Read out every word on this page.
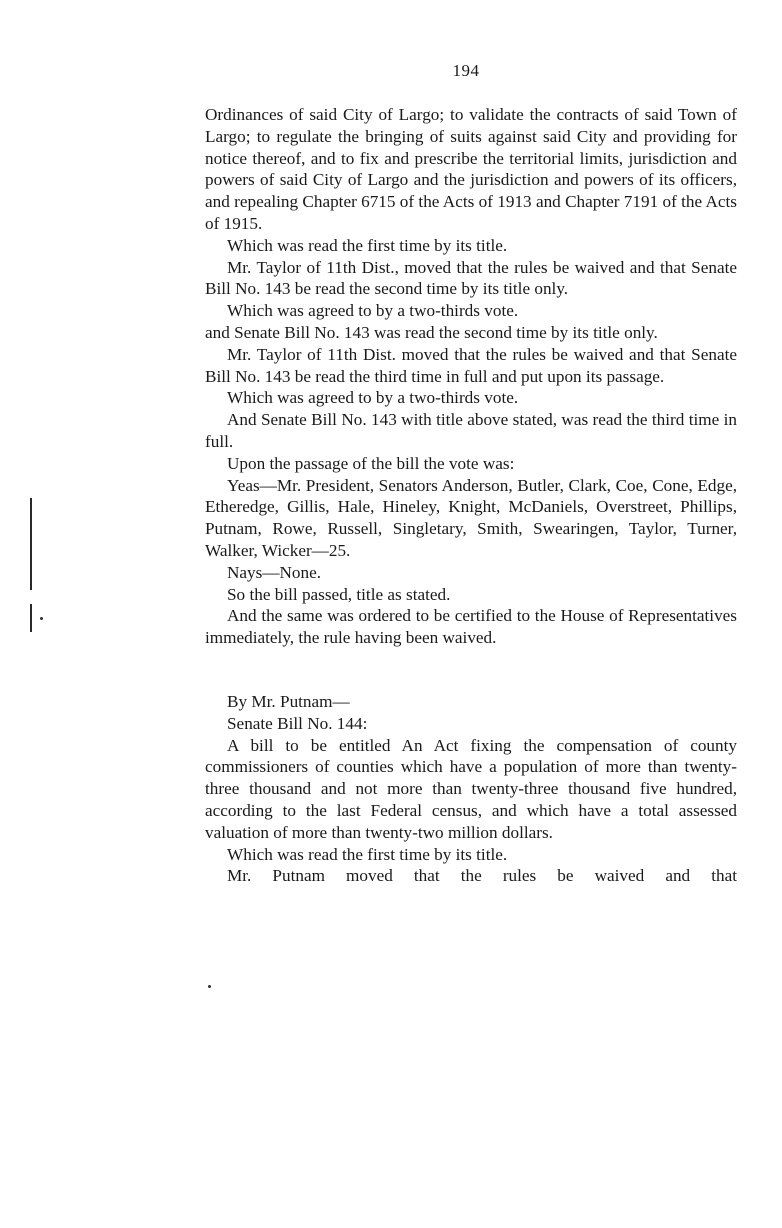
194

Ordinances of said City of Largo; to validate the contracts of said Town of Largo; to regulate the bringing of suits against said City and providing for notice thereof, and to fix and prescribe the territorial limits, jurisdiction and powers of said City of Largo and the jurisdiction and powers of its officers, and repealing Chapter 6715 of the Acts of 1913 and Chapter 7191 of the Acts of 1915.

Which was read the first time by its title.

Mr. Taylor of 11th Dist., moved that the rules be waived and that Senate Bill No. 143 be read the second time by its title only.

Which was agreed to by a two-thirds vote.

and Senate Bill No. 143 was read the second time by its title only.

Mr. Taylor of 11th Dist. moved that the rules be waived and that Senate Bill No. 143 be read the third time in full and put upon its passage.

Which was agreed to by a two-thirds vote.

And Senate Bill No. 143 with title above stated, was read the third time in full.

Upon the passage of the bill the vote was:

Yeas—Mr. President, Senators Anderson, Butler, Clark, Coe, Cone, Edge, Etheredge, Gillis, Hale, Hineley, Knight, McDaniels, Overstreet, Phillips, Putnam, Rowe, Russell, Singletary, Smith, Swearingen, Taylor, Turner, Walker, Wicker—25.

Nays—None.

So the bill passed, title as stated.

And the same was ordered to be certified to the House of Representatives immediately, the rule having been waived.

By Mr. Putnam—

Senate Bill No. 144:

A bill to be entitled An Act fixing the compensation of county commissioners of counties which have a population of more than twenty-three thousand and not more than twenty-three thousand five hundred, according to the last Federal census, and which have a total assessed valuation of more than twenty-two million dollars.

Which was read the first time by its title.

Mr. Putnam moved that the rules be waived and that
